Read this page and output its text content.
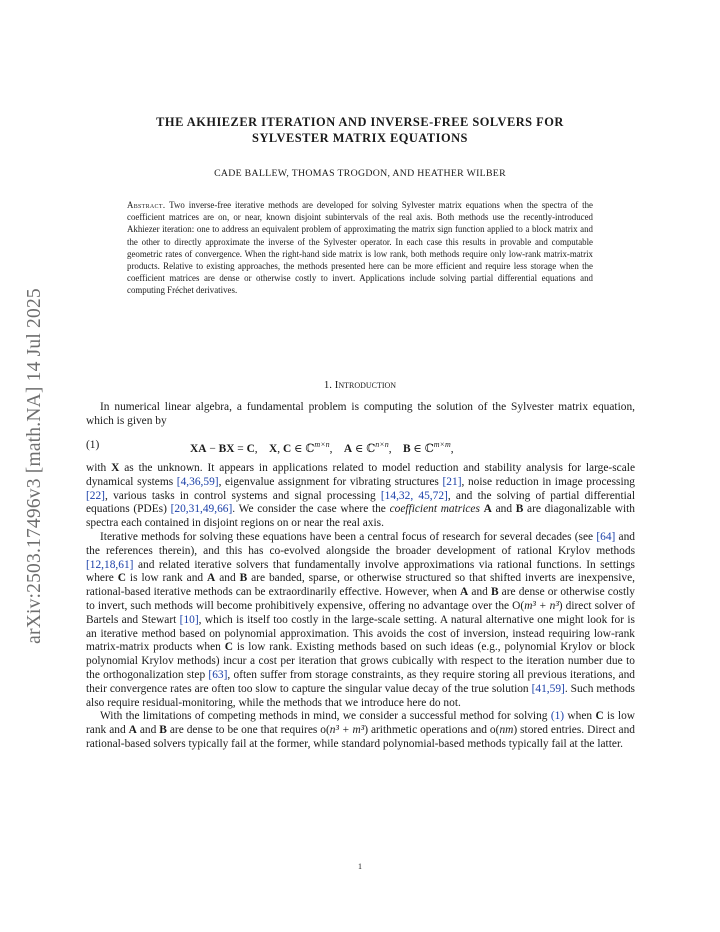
arXiv:2503.17496v3 [math.NA] 14 Jul 2025
THE AKHIEZER ITERATION AND INVERSE-FREE SOLVERS FOR
SYLVESTER MATRIX EQUATIONS
CADE BALLEW, THOMAS TROGDON, AND HEATHER WILBER
Abstract. Two inverse-free iterative methods are developed for solving Sylvester matrix equations when the spectra of the coefficient matrices are on, or near, known disjoint subintervals of the real axis. Both methods use the recently-introduced Akhiezer iteration: one to address an equivalent problem of approximating the matrix sign function applied to a block matrix and the other to directly approximate the inverse of the Sylvester operator. In each case this results in provable and computable geometric rates of convergence. When the right-hand side matrix is low rank, both methods require only low-rank matrix-matrix products. Relative to existing approaches, the methods presented here can be more efficient and require less storage when the coefficient matrices are dense or otherwise costly to invert. Applications include solving partial differential equations and computing Fréchet derivatives.
1. Introduction

In numerical linear algebra, a fundamental problem is computing the solution of the Sylvester matrix equation, which is given by

(1)	XA − BX = C,    X, C ∈ ℂ$^{m\times n}$,    A ∈ ℂ$^{n\times n}$,    B ∈ ℂ$^{m\times m}$,

with X as the unknown. It appears in applications related to model reduction and stability analysis for large-scale dynamical systems [4,36,59], eigenvalue assignment for vibrating structures [21], noise reduction in image processing [22], various tasks in control systems and signal processing [14,32, 45,72], and the solving of partial differential equations (PDEs) [20,31,49,66]. We consider the case where the coefficient matrices A and B are diagonalizable with spectra each contained in disjoint regions on or near the real axis.

Iterative methods for solving these equations have been a central focus of research for several decades (see [64] and the references therein), and this has co-evolved alongside the broader development of rational Krylov methods [12,18,61] and related iterative solvers that fundamentally involve approximations via rational functions. In settings where C is low rank and A and B are banded, sparse, or otherwise structured so that shifted inverts are inexpensive, rational-based iterative methods can be extraordinarily effective. However, when A and B are dense or otherwise costly to invert, such methods will become prohibitively expensive, offering no advantage over the O(m³ + n³) direct solver of Bartels and Stewart [10], which is itself too costly in the large-scale setting. A natural alternative one might look for is an iterative method based on polynomial approximation. This avoids the cost of inversion, instead requiring low-rank matrix-matrix products when C is low rank. Existing methods based on such ideas (e.g., polynomial Krylov or block polynomial Krylov methods) incur a cost per iteration that grows cubically with respect to the iteration number due to the orthogonalization step [63], often suffer from storage constraints, as they require storing all previous iterations, and their convergence rates are often too slow to capture the singular value decay of the true solution [41,59]. Such methods also require residual-monitoring, while the methods that we introduce here do not.

With the limitations of competing methods in mind, we consider a successful method for solving (1) when C is low rank and A and B are dense to be one that requires o(n³ + m³) arithmetic operations and o(nm) stored entries. Direct and rational-based solvers typically fail at the former, while standard polynomial-based methods typically fail at the latter.

1
